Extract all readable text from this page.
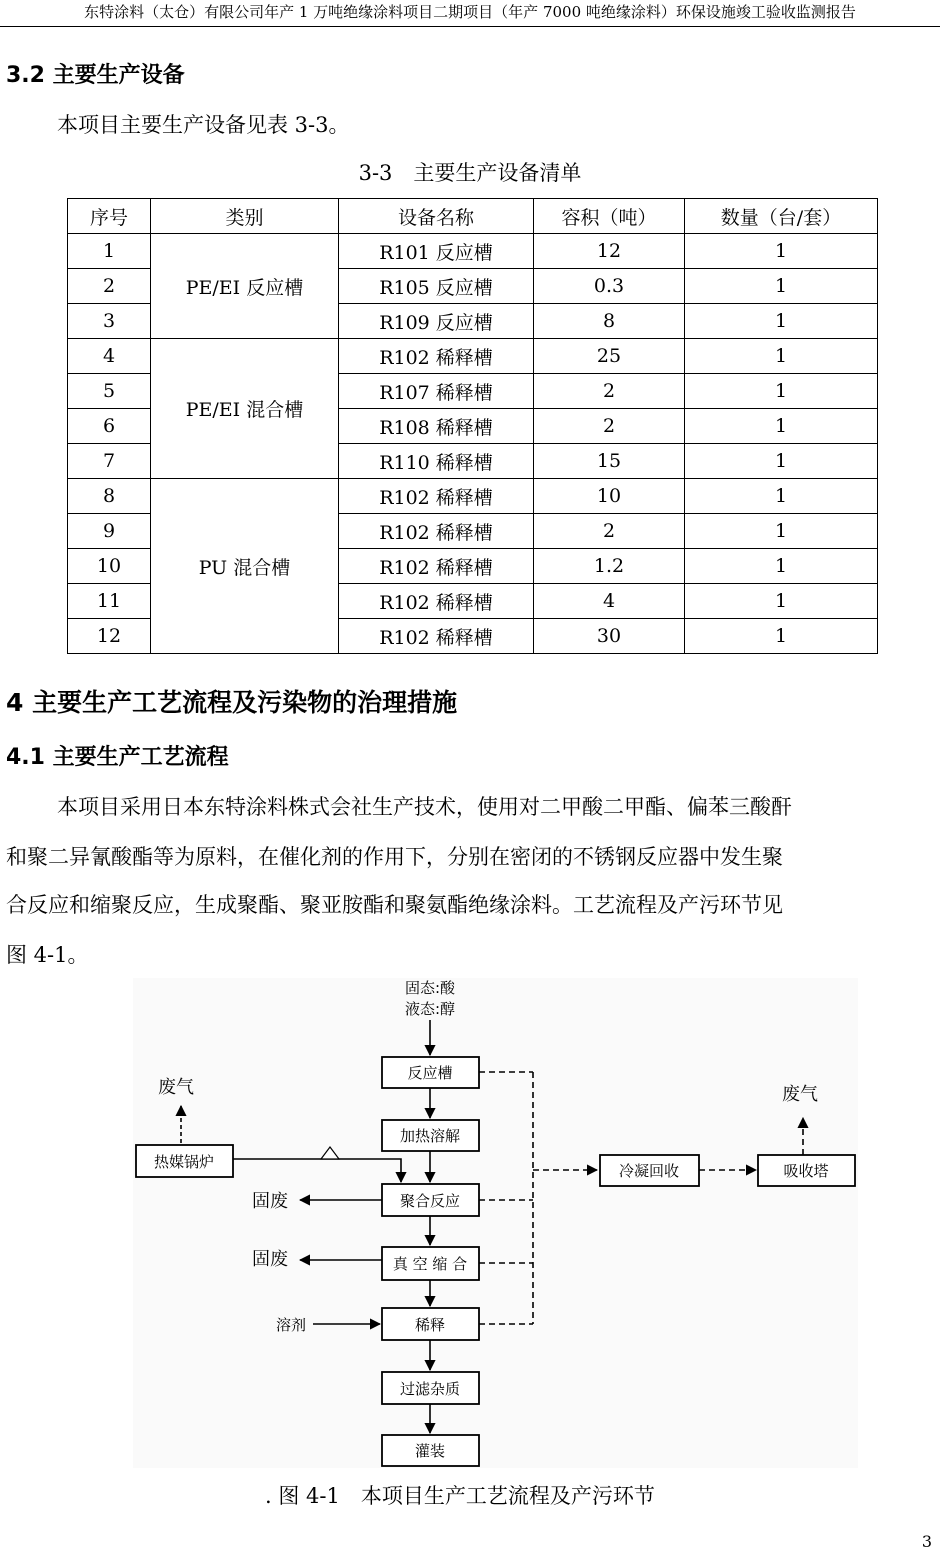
东特涂料（太仓）有限公司年产 1 万吨绝缘涂料项目二期项目（年产 7000 吨绝缘涂料）环保设施竣工验收监测报告
3.2 主要生产设备
本项目主要生产设备见表 3-3。
3-3　主要生产设备清单
序号	类别	设备名称	容积（吨）	数量（台/套）
1	PE/EI 反应槽	R101 反应槽	12	1
2		R105 反应槽	0.3	1
3		R109 反应槽	8	1
4	PE/EI 混合槽	R102 稀释槽	25	1
5		R107 稀释槽	2	1
6		R108 稀释槽	2	1
7		R110 稀释槽	15	1
8	PU 混合槽	R102 稀释槽	10	1
9		R102 稀释槽	2	1
10		R102 稀释槽	1.2	1
11		R102 稀释槽	4	1
12		R102 稀释槽	30	1
4 主要生产工艺流程及污染物的治理措施
4.1 主要生产工艺流程
本项目采用日本东特涂料株式会社生产技术，使用对二甲酸二甲酯、偏苯三酸酐
和聚二异氰酸酯等为原料，在催化剂的作用下，分别在密闭的不锈钢反应器中发生聚
合反应和缩聚反应，生成聚酯、聚亚胺酯和聚氨酯绝缘涂料。工艺流程及产污环节见
图 4-1。
固态:酸
液态:醇
反应槽
加热溶解
聚合反应
真 空 缩 合
稀释
过滤杂质
灌装
废气
热媒锅炉
固废
固废
溶剂
冷凝回收	吸收塔
废气
. 图 4-1　本项目生产工艺流程及产污环节
3
